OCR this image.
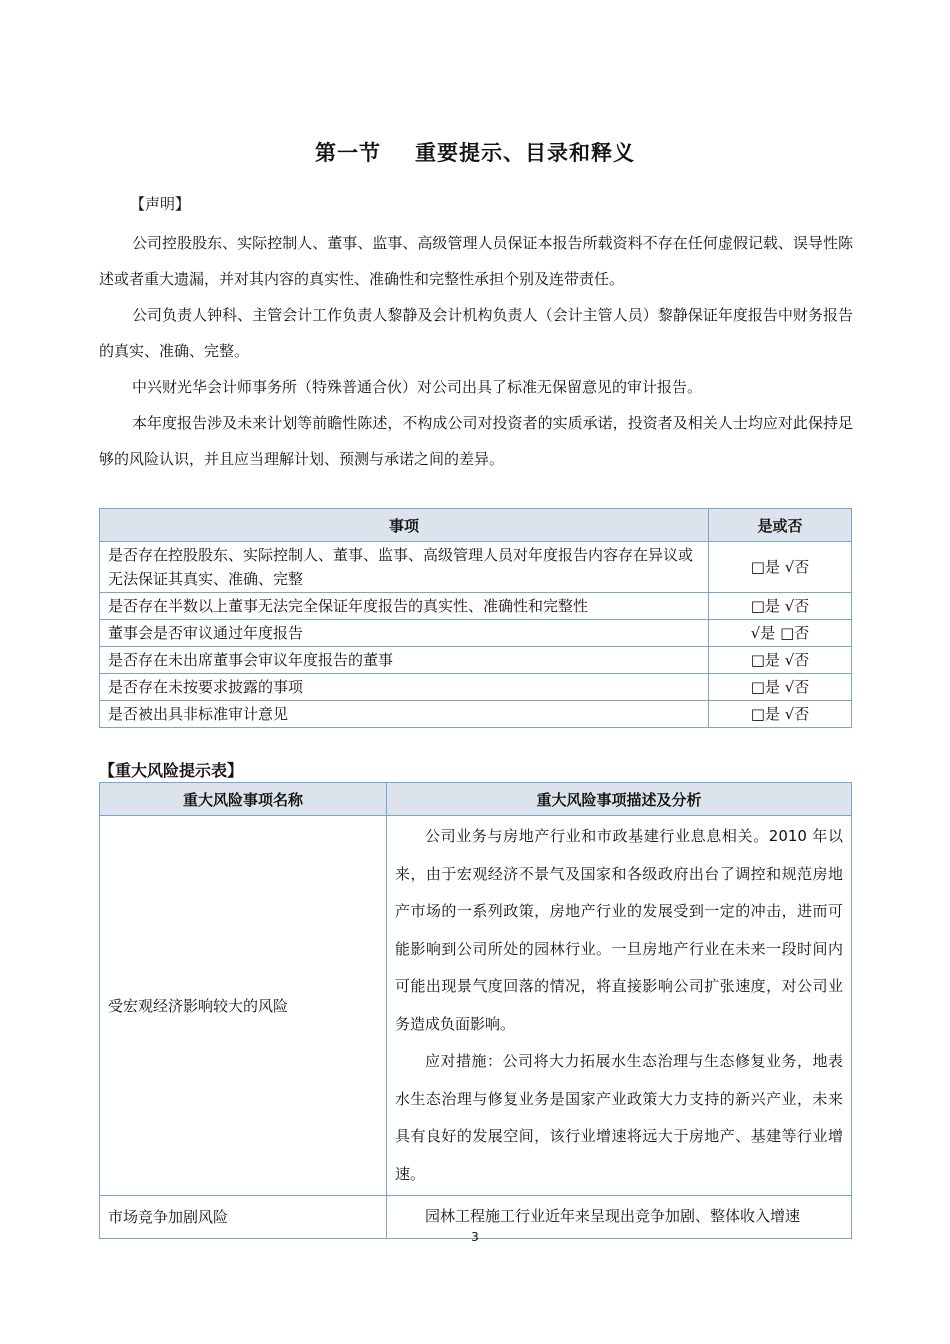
第一节 重要提示、目录和释义
【声明】

公司控股股东、实际控制人、董事、监事、高级管理人员保证本报告所载资料不存在任何虚假记载、误导性陈述或者重大遗漏，并对其内容的真实性、准确性和完整性承担个别及连带责任。

公司负责人钟科、主管会计工作负责人黎静及会计机构负责人（会计主管人员）黎静保证年度报告中财务报告的真实、准确、完整。

中兴财光华会计师事务所（特殊普通合伙）对公司出具了标准无保留意见的审计报告。

本年度报告涉及未来计划等前瞻性陈述，不构成公司对投资者的实质承诺，投资者及相关人士均应对此保持足够的风险认识，并且应当理解计划、预测与承诺之间的差异。

事项	是或否
是否存在控股股东、实际控制人、董事、监事、高级管理人员对年度报告内容存在异议或无法保证其真实、准确、完整	□是 √否
是否存在半数以上董事无法完全保证年度报告的真实性、准确性和完整性	□是 √否
董事会是否审议通过年度报告	√是 □否
是否存在未出席董事会审议年度报告的董事	□是 √否
是否存在未按要求披露的事项	□是 √否
是否被出具非标准审计意见	□是 √否
【重大风险提示表】
重大风险事项名称	重大风险事项描述及分析
受宏观经济影响较大的风险	公司业务与房地产行业和市政基建行业息息相关。2010 年以来，由于宏观经济不景气及国家和各级政府出台了调控和规范房地产市场的一系列政策，房地产行业的发展受到一定的冲击，进而可能影响到公司所处的园林行业。一旦房地产行业在未来一段时间内可能出现景气度回落的情况，将直接影响公司扩张速度，对公司业务造成负面影响。

应对措施：公司将大力拓展水生态治理与生态修复业务，地表水生态治理与修复业务是国家产业政策大力支持的新兴产业，未来具有良好的发展空间，该行业增速将远大于房地产、基建等行业增速。

市场竞争加剧风险	园林工程施工行业近年来呈现出竞争加剧、整体收入增速

3
